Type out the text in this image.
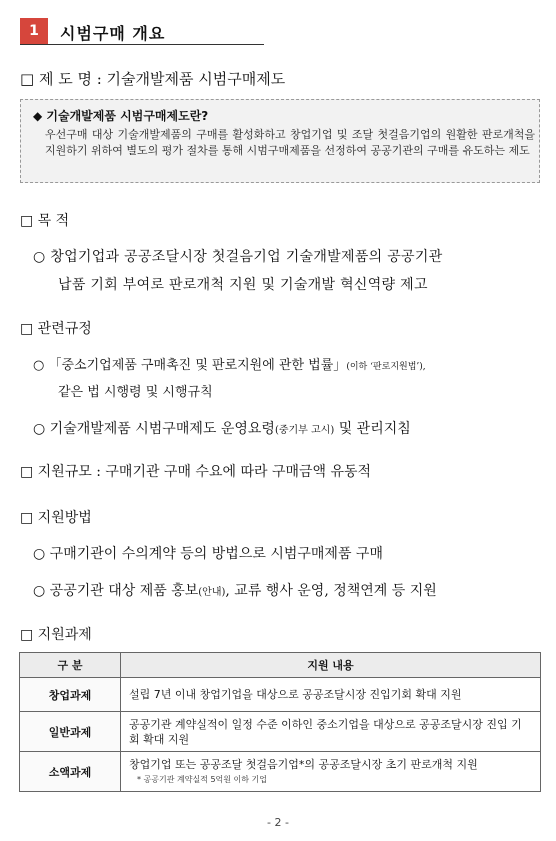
1	시범구매 개요
□ 제 도 명 : 기술개발제품 시범구매제도
◆ 기술개발제품 시범구매제도란?
우선구매 대상 기술개발제품의 구매를 활성화하고 창업기업 및 조달 첫걸음기업의 원활한 판로개척을 지원하기 위하여 별도의 평가 절차를 통해 시범구매제품을 선정하여 공공기관의 구매를 유도하는 제도
□ 목 적
○ 창업기업과 공공조달시장 첫걸음기업 기술개발제품의 공공기관
납품 기회 부여로 판로개척 지원 및 기술개발 혁신역량 제고
□ 관련규정
○ 「중소기업제품 구매촉진 및 판로지원에 관한 법률」(이하 ‘판로지원법’),
같은 법 시행령 및 시행규칙
○ 기술개발제품 시범구매제도 운영요령(중기부 고시) 및 관리지침
□ 지원규모 : 구매기관 구매 수요에 따라 구매금액 유동적
□ 지원방법
○ 구매기관이 수의계약 등의 방법으로 시범구매제품 구매
○ 공공기관 대상 제품 홍보(안내), 교류 행사 운영, 정책연계 등 지원
□ 지원과제
구 분	지원 내용
창업과제	설립 7년 이내 창업기업을 대상으로 공공조달시장 진입기회 확대 지원
일반과제	공공기관 계약실적이 일정 수준 이하인 중소기업을 대상으로 공공조달시장 진입 기회 확대 지원
소액과제	창업기업 또는 공공조달 첫걸음기업*의 공공조달시장 초기 판로개척 지원
* 공공기관 계약실적 5억원 이하 기업
- 2 -
